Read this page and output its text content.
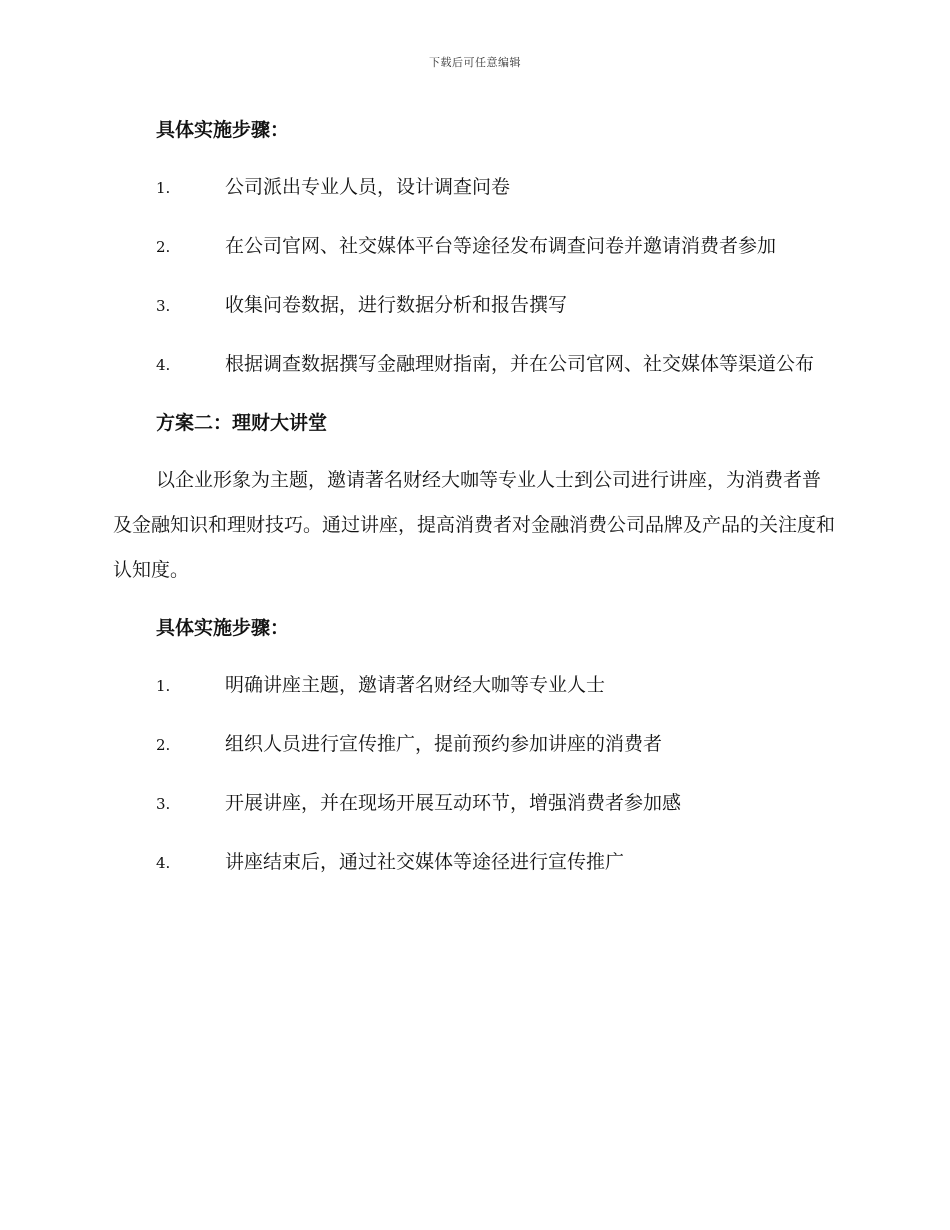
下载后可任意编辑
具体实施步骤：
1.	公司派出专业人员，设计调查问卷
2.	在公司官网、社交媒体平台等途径发布调查问卷并邀请消费者参加
3.	收集问卷数据，进行数据分析和报告撰写
4.	根据调查数据撰写金融理财指南，并在公司官网、社交媒体等渠道公布
方案二：理财大讲堂
以企业形象为主题，邀请著名财经大咖等专业人士到公司进行讲座，为消费者普及金融知识和理财技巧。通过讲座，提高消费者对金融消费公司品牌及产品的关注度和认知度。
具体实施步骤：
1.	明确讲座主题，邀请著名财经大咖等专业人士
2.	组织人员进行宣传推广，提前预约参加讲座的消费者
3.	开展讲座，并在现场开展互动环节，增强消费者参加感
4.	讲座结束后，通过社交媒体等途径进行宣传推广
